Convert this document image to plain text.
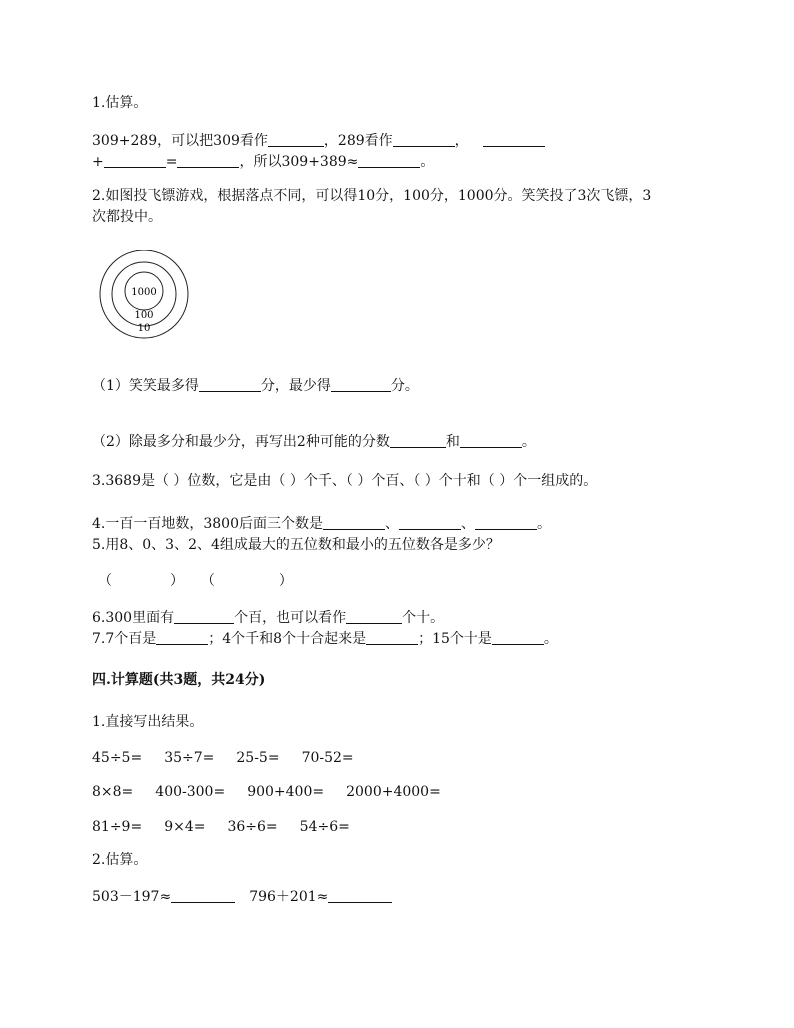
1.估算。
309+289，可以把309看作	，289看作	，
+	=	，所以309+389≈	。
2.如图投飞镖游戏，根据落点不同，可以得10分，100分，1000分。笑笑投了3次飞镖，3
次都投中。
1000
100
10
（1）笑笑最多得	分，最少得	分。
（2）除最多分和最少分，再写出2种可能的分数	和	。
3.3689是（ ）位数，它是由（ ）个千、（ ）个百、（ ）个十和（ ）个一组成的。
4.一百一百地数，3800后面三个数是	、	、	。
5.用8、0、3、2、4组成最大的五位数和最小的五位数各是多少？
（	） （	）
6.300里面有	个百，也可以看作	个十。
7.7个百是	；4个千和8个十合起来是	；15个十是	。
四.计算题(共3题，共24分)
1.直接写出结果。
45÷5= 35÷7= 25-5= 70-52=
8×8= 400-300= 900+400= 2000+4000=
81÷9= 9×4= 36÷6= 54÷6=
2.估算。
503－197≈	796＋201≈
